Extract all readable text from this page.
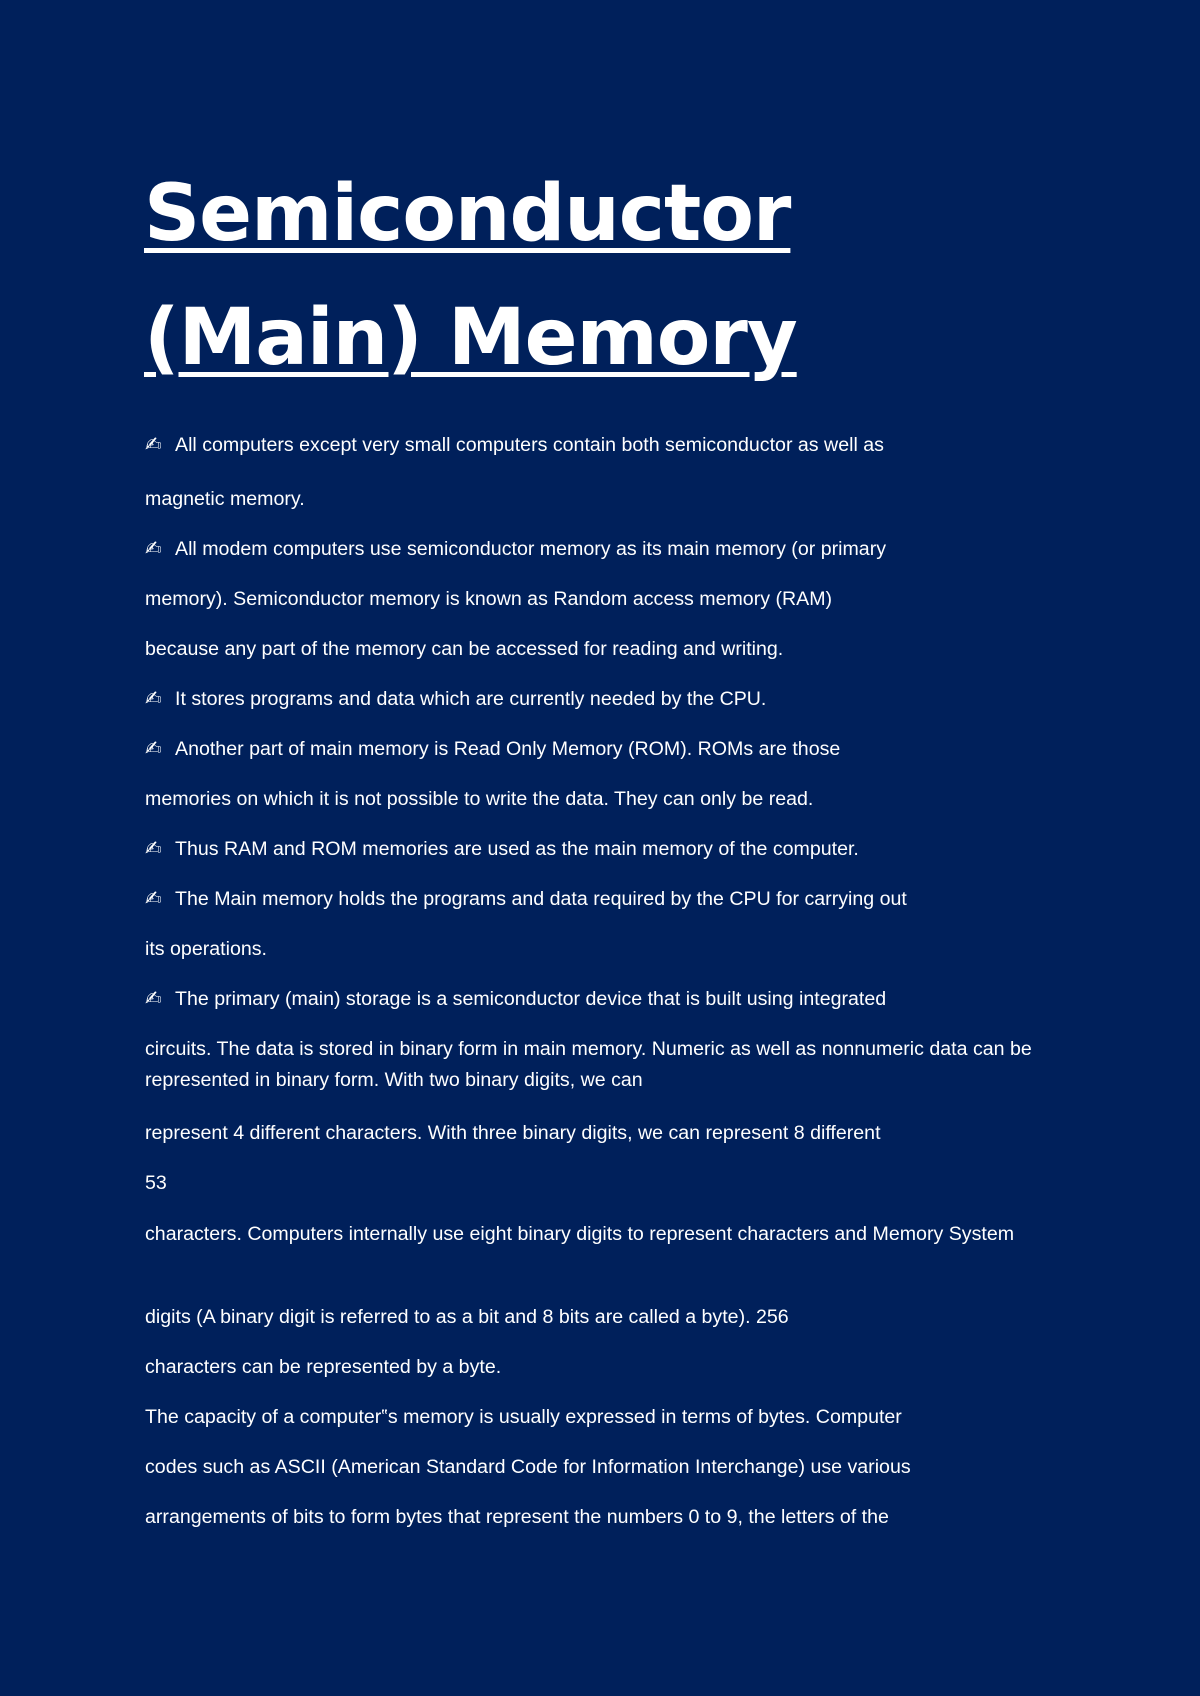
Semiconductor (Main) Memory
✍ All computers except very small computers contain both semiconductor as well as
magnetic memory.
✍ All modem computers use semiconductor memory as its main memory (or primary
memory). Semiconductor memory is known as Random access memory (RAM)
because any part of the memory can be accessed for reading and writing.
✍ It stores programs and data which are currently needed by the CPU.
✍ Another part of main memory is Read Only Memory (ROM). ROMs are those
memories on which it is not possible to write the data. They can only be read.
✍ Thus RAM and ROM memories are used as the main memory of the computer.
✍ The Main memory holds the programs and data required by the CPU for carrying out
its operations.
✍ The primary (main) storage is a semiconductor device that is built using integrated
circuits. The data is stored in binary form in main memory. Numeric as well as nonnumeric data can be represented in binary form. With two binary digits, we can
represent 4 different characters. With three binary digits, we can represent 8 different
53
characters. Computers internally use eight binary digits to represent characters and Memory System
digits (A binary digit is referred to as a bit and 8 bits are called a byte). 256
characters can be represented by a byte.
The capacity of a computer‟s memory is usually expressed in terms of bytes. Computer
codes such as ASCII (American Standard Code for Information Interchange) use various
arrangements of bits to form bytes that represent the numbers 0 to 9, the letters of the
